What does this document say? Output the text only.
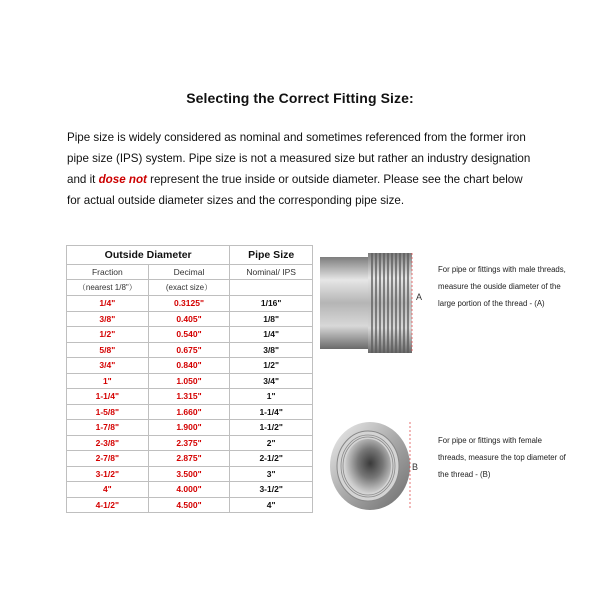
Selecting the Correct Fitting Size:
Pipe size is widely considered as nominal and sometimes referenced from the former iron pipe size (IPS) system. Pipe size is not a measured size but rather an industry designation and it dose not represent the true inside or outside diameter. Please see the chart below for actual outside diameter sizes and the corresponding pipe size.
Outside Diameter		Pipe Size
Fraction	Decimal	Nominal/ IPS
（nearest 1/8"）	(exact size）	
1/4"	0.3125"	1/16"
3/8"	0.405"	1/8"
1/2"	0.540"	1/4"
5/8"	0.675"	3/8"
3/4"	0.840"	1/2"
1"	1.050"	3/4"
1-1/4"	1.315"	1"
1-5/8"	1.660"	1-1/4"
1-7/8"	1.900"	1-1/2"
2-3/8"	2.375"	2"
2-7/8"	2.875"	2-1/2"
3-1/2"	3.500"	3"
4"	4.000"	3-1/2"
4-1/2"	4.500"	4"
A
For pipe or fittings with male threads, measure the ouside diameter of the large portion of the thread - (A)
B
For pipe or fittings with female threads, measure the top diameter of the thread - (B)
